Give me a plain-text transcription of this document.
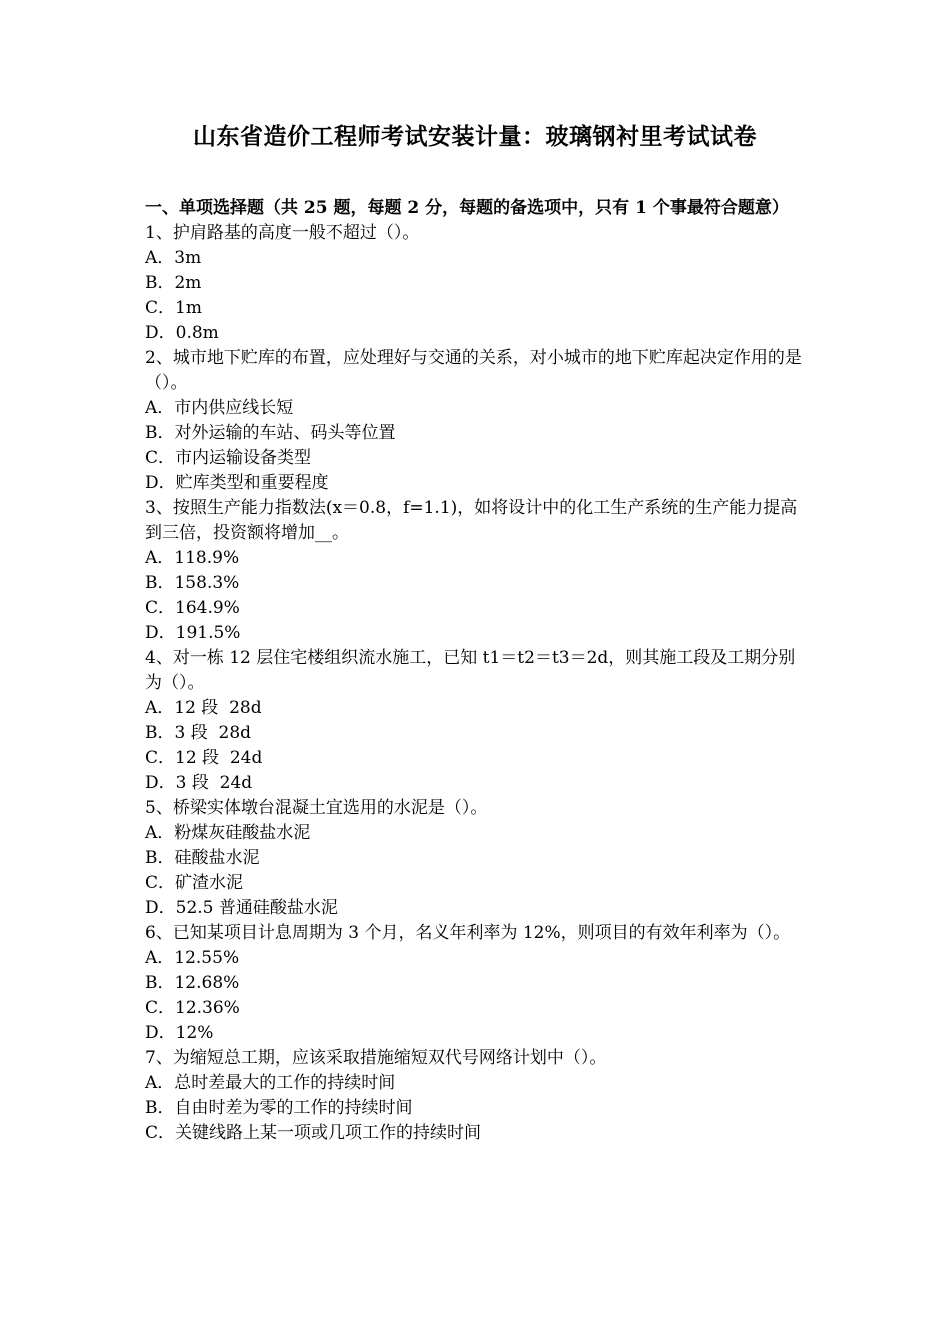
山东省造价工程师考试安装计量：玻璃钢衬里考试试卷

一、单项选择题（共 25 题，每题 2 分，每题的备选项中，只有 1 个事最符合题意）

1、护肩路基的高度一般不超过（）。

A．3m

B．2m

C．1m

D．0.8m

2、城市地下贮库的布置，应处理好与交通的关系，对小城市的地下贮库起决定作用的是（）。

A．市内供应线长短

B．对外运输的车站、码头等位置

C．市内运输设备类型

D．贮库类型和重要程度

3、按照生产能力指数法(x＝0.8，f=1.1)，如将设计中的化工生产系统的生产能力提高到三倍，投资额将增加__。

A．118.9%

B．158.3%

C．164.9%

D．191.5%

4、对一栋 12 层住宅楼组织流水施工，已知 t1＝t2＝t3＝2d，则其施工段及工期分别为（）。

A．12 段  28d

B．3 段  28d

C．12 段  24d

D．3 段  24d

5、桥梁实体墩台混凝土宜选用的水泥是（）。

A．粉煤灰硅酸盐水泥

B．硅酸盐水泥

C．矿渣水泥

D．52.5 普通硅酸盐水泥

6、已知某项目计息周期为 3 个月，名义年利率为 12%，则项目的有效年利率为（）。

A．12.55%

B．12.68%

C．12.36%

D．12%

7、为缩短总工期，应该采取措施缩短双代号网络计划中（）。

A．总时差最大的工作的持续时间

B．自由时差为零的工作的持续时间

C．关键线路上某一项或几项工作的持续时间
